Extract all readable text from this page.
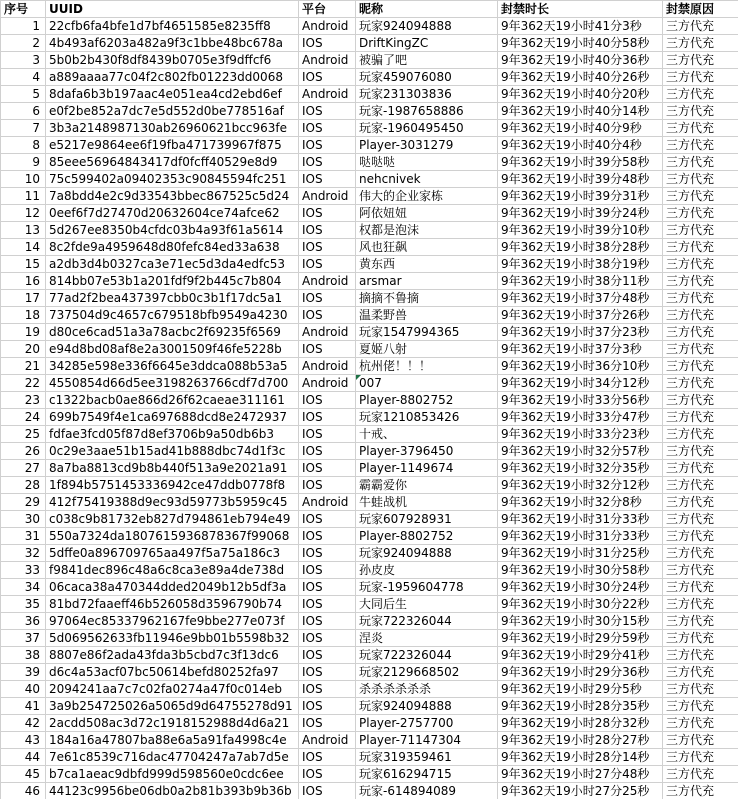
序号	UUID	平台	昵称	封禁时长	封禁原因
1	22cfb6fa4bfe1d7bf4651585e8235ff8	Android	玩家924094888	9年362天19小时41分3秒	三方代充
2	4b493af6203a482a9f3c1bbe48bc678a	IOS	DriftKingZC	9年362天19小时40分58秒	三方代充
3	5b0b2b430f8df8439b0705e3f9dffcf6	Android	被骗了吧	9年362天19小时40分36秒	三方代充
4	a889aaaa77c04f2c802fb01223dd0068	IOS	玩家459076080	9年362天19小时40分26秒	三方代充
5	8dafa6b3b197aac4e051ea4cd2ebd6ef	Android	玩家231303836	9年362天19小时40分20秒	三方代充
6	e0f2be852a7dc7e5d552d0be778516af	IOS	玩家-1987658886	9年362天19小时40分14秒	三方代充
7	3b3a2148987130ab26960621bcc963fe	IOS	玩家-1960495450	9年362天19小时40分9秒	三方代充
8	e5217e9864ee6f19fba471739967f875	IOS	Player-3031279	9年362天19小时40分4秒	三方代充
9	85eee56964843417df0fcff40529e8d9	IOS	哒哒哒	9年362天19小时39分58秒	三方代充
10	75c599402a09402353c90845594fc251	IOS	nehcnivek	9年362天19小时39分48秒	三方代充
11	7a8bdd4e2c9d33543bbec867525c5d24	Android	伟大的企业家栋	9年362天19小时39分31秒	三方代充
12	0eef6f7d27470d20632604ce74afce62	IOS	阿依妞妞	9年362天19小时39分24秒	三方代充
13	5d267ee8350b4cfdc03b4a93f61a5614	IOS	权都是泡沫	9年362天19小时39分10秒	三方代充
14	8c2fde9a4959648d80fefc84ed33a638	IOS	风也狂飙	9年362天19小时38分28秒	三方代充
15	a2db3d4b0327ca3e71ec5d3da4edfc53	IOS	黄东西	9年362天19小时38分19秒	三方代充
16	814bb07e53b1a201fdf9f2b445c7b804	Android	arsmar	9年362天19小时38分11秒	三方代充
17	77ad2f2bea437397cbb0c3b1f17dc5a1	IOS	摘摘不鲁摘	9年362天19小时37分48秒	三方代充
18	737504d9c4657c679518bfb9549a4230	IOS	温柔野兽	9年362天19小时37分26秒	三方代充
19	d80ce6cad51a3a78acbc2f69235f6569	Android	玩家1547994365	9年362天19小时37分23秒	三方代充
20	e94d8bd08af8e2a3001509f46fe5228b	IOS	夏姬八射	9年362天19小时37分3秒	三方代充
21	34285e598e336f6645e3ddca088b53a5	Android	杭州佬！！！	9年362天19小时36分10秒	三方代充
22	4550854d66d5ee3198263766cdf7d700	Android	007	9年362天19小时34分12秒	三方代充
23	c1322bacb0ae866d26f62caeae311161	IOS	Player-8802752	9年362天19小时33分56秒	三方代充
24	699b7549f4e1ca697688dcd8e2472937	IOS	玩家1210853426	9年362天19小时33分47秒	三方代充
25	fdfae3fcd05f87d8ef3706b9a50db6b3	IOS	十戒、	9年362天19小时33分23秒	三方代充
26	0c29e3aae51b15ad41b888dbc74d1f3c	IOS	Player-3796450	9年362天19小时32分57秒	三方代充
27	8a7ba8813cd9b8b440f513a9e2021a91	IOS	Player-1149674	9年362天19小时32分35秒	三方代充
28	1f894b5751453336942ce47ddb0778f8	IOS	霸霸爱你	9年362天19小时32分12秒	三方代充
29	412f75419388d9ec93d59773b5959c45	Android	牛蛙战机	9年362天19小时32分8秒	三方代充
30	c038c9b81732eb827d794861eb794e49	IOS	玩家607928931	9年362天19小时31分33秒	三方代充
31	550a7324da1807615936878367f99068	IOS	Player-8802752	9年362天19小时31分33秒	三方代充
32	5dffe0a896709765aa497f5a75a186c3	IOS	玩家924094888	9年362天19小时31分25秒	三方代充
33	f9841dec896c48a6c8ca3e89a4de738d	IOS	孙皮皮	9年362天19小时30分58秒	三方代充
34	06caca38a470344dded2049b12b5df3a	IOS	玩家-1959604778	9年362天19小时30分24秒	三方代充
35	81bd72faaeff46b526058d3596790b74	IOS	大同后生	9年362天19小时30分22秒	三方代充
36	97064ec85337962167fe9bbe277e073f	IOS	玩家722326044	9年362天19小时30分15秒	三方代充
37	5d069562633fb11946e9bb01b5598b32	IOS	涅炎	9年362天19小时29分59秒	三方代充
38	8807e86f2ada43fda3b5cbd7c3f13dc6	IOS	玩家722326044	9年362天19小时29分41秒	三方代充
39	d6c4a53acf07bc50614befd80252fa97	IOS	玩家2129668502	9年362天19小时29分36秒	三方代充
40	2094241aa7c7c02fa0274a47f0c014eb	IOS	杀杀杀杀杀杀	9年362天19小时29分5秒	三方代充
41	3a9b254725026a5065d9d64755278d91	IOS	玩家924094888	9年362天19小时28分35秒	三方代充
42	2acdd508ac3d72c1918152988d4d6a21	IOS	Player-2757700	9年362天19小时28分32秒	三方代充
43	184a16a47807ba88e6a5a91fa4998c4e	Android	Player-71147304	9年362天19小时28分27秒	三方代充
44	7e61c8539c716dac47704247a7ab7d5e	IOS	玩家319359461	9年362天19小时28分14秒	三方代充
45	b7ca1aeac9dbfd999d598560e0cdc6ee	IOS	玩家616294715	9年362天19小时27分48秒	三方代充
46	44123c9956be06db0a2b81b393b9b36b	IOS	玩家-614894089	9年362天19小时27分25秒	三方代充
